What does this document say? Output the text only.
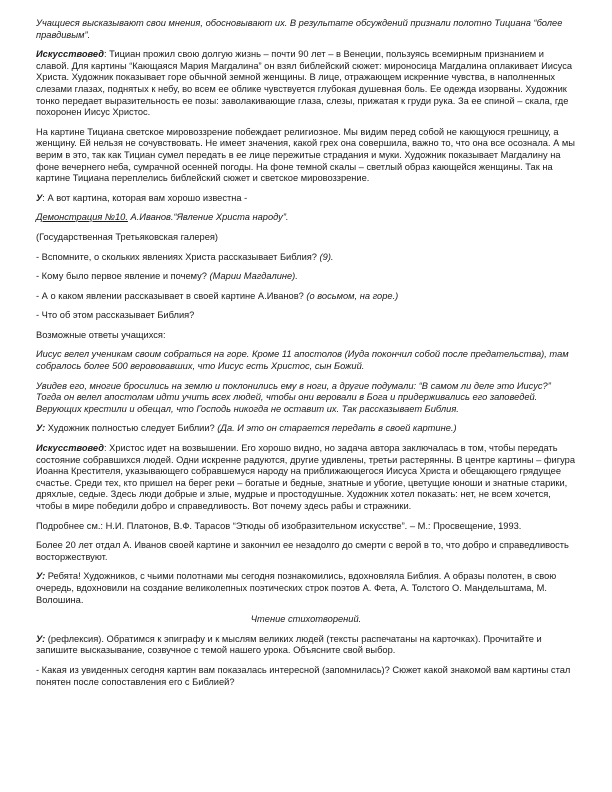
Учащиеся высказывают свои мнения, обосновывают их. В результате обсуждений признали полотно Тициана “более правдивым”.

Искусствовед: Тициан прожил свою долгую жизнь – почти 90 лет – в Венеции, пользуясь всемирным признанием и славой. Для картины “Кающаяся Мария Магдалина” он взял библейский сюжет: мироносица Магдалина оплакивает Иисуса Христа. Художник показывает горе обычной земной женщины. В лице, отражающем искренние чувства, в наполненных слезами глазах, поднятых к небу, во всем ее облике чувствуется глубокая душевная боль. Ее одежда изорваны. Художник тонко передает выразительность ее позы: заволакивающие глаза, слезы, прижатая к груди рука. За ее спиной – скала, где похоронен Иисус Христос.

На картине Тициана светское мировоззрение побеждает религиозное. Мы видим перед собой не кающуюся грешницу, а женщину. Ей нельзя не сочувствовать. Не имеет значения, какой грех она совершила, важно то, что она все осознала. А мы верим в это, так как Тициан сумел передать в ее лице пережитые страдания и муки. Художник показывает Магдалину на фоне вечернего неба, сумрачной осенней погоды. На фоне темной скалы – светлый образ кающейся женщины. Так на картине Тициана переплелись библейский сюжет и светское мировоззрение.

У: А вот картина, которая вам хорошо известна -

Демонстрация №10. А.Иванов.“Явление Христа народу”.

(Государственная Третьяковская галерея)

- Вспомните, о скольких явлениях Христа рассказывает Библия? (9).

- Кому было первое явление и почему? (Марии Магдалине).

- А о каком явлении рассказывает в своей картине А.Иванов? (о восьмом, на горе.)

- Что об этом рассказывает Библия?

Возможные ответы учащихся:

Иисус велел ученикам своим собраться на горе. Кроме 11 апостолов (Иуда покончил собой после предательства), там собралось более 500 верововавших, что Иисус есть Христос, сын Божий.

Увидев его, многие бросились на землю и поклонились ему в ноги, а другие подумали: “В самом ли деле это Иисус?” Тогда он велел апостолам идти учить всех людей, чтобы они веровали в Бога и придерживались его заповедей. Верующих крестили и обещал, что Господь никогда не оставит их. Так рассказывает Библия.

У: Художник полностью следует Библии? (Да. И это он старается передать в своей картине.)

Искусствовед: Христос идет на возвышении. Его хорошо видно, но задача автора заключалась в том, чтобы передать состояние собравшихся людей. Одни искренне радуются, другие удивлены, третьи растерянны. В центре картины – фигура Иоанна Крестителя, указывающего собравшемуся народу на приближающегося Иисуса Христа и обещающего грядущее счастье. Среди тех, кто пришел на берег реки – богатые и бедные, знатные и убогие, цветущие юноши и знатные старики, дряхлые, седые. Здесь люди добрые и злые, мудрые и простодушные. Художник хотел показать: нет, не всем хочется, чтобы в мире победили добро и справедливость. Вот почему здесь рабы и стражники.

Подробнее см.: Н.И. Платонов, В.Ф. Тарасов “Этюды об изобразительном искусстве”. – М.: Просвещение, 1993.

Более 20 лет отдал А. Иванов своей картине и закончил ее незадолго до смерти с верой в то, что добро и справедливость восторжествуют.

У: Ребята! Художников, с чьими полотнами мы сегодня познакомились, вдохновляла Библия. А образы полотен, в свою очередь, вдохновили на создание великолепных поэтических строк поэтов А. Фета, А. Толстого О. Мандельштама, М. Волошина.

Чтение стихотворений.

У: (рефлексия). Обратимся к эпиграфу и к мыслям великих людей (тексты распечатаны на карточках). Прочитайте и запишите высказывание, созвучное с темой нашего урока. Объясните свой выбор.

- Какая из увиденных сегодня картин вам показалась интересной (запомнилась)? Сюжет какой знакомой вам картины стал понятен после сопоставления его с Библией?
